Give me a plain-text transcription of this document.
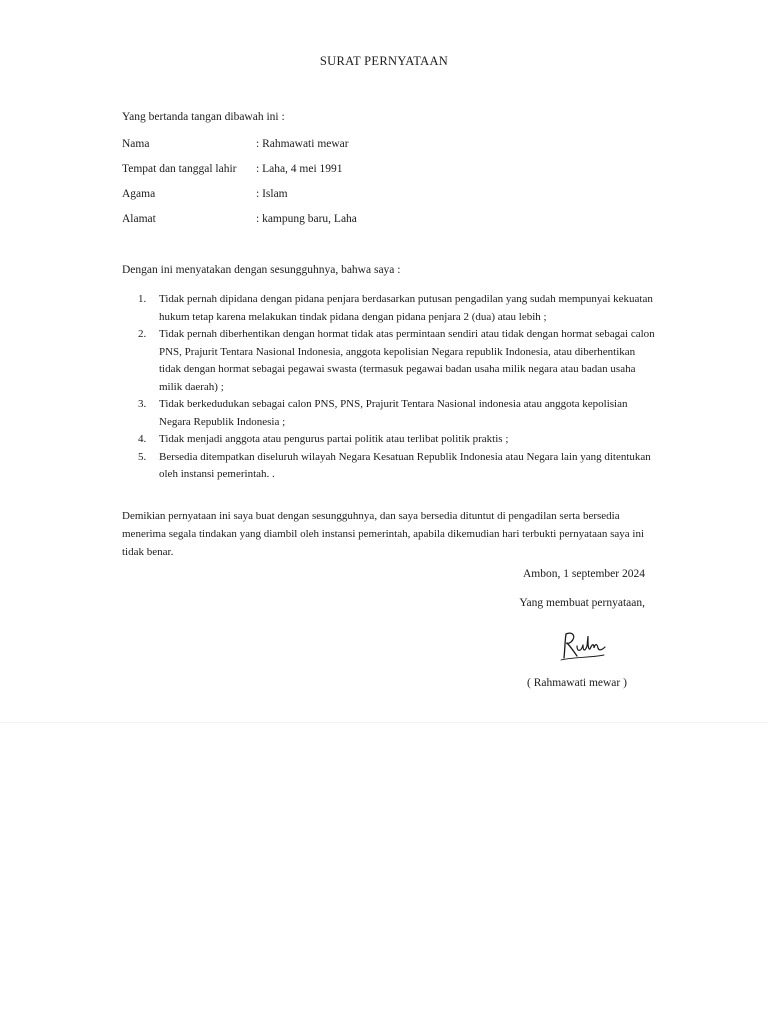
SURAT PERNYATAAN
Yang bertanda tangan dibawah ini :
Nama	: Rahmawati mewar
Tempat dan tanggal lahir : Laha, 4 mei 1991
Agama	: Islam
Alamat	: kampung baru, Laha
Dengan ini menyatakan dengan sesungguhnya, bahwa saya :
1.	Tidak pernah dipidana dengan pidana penjara berdasarkan putusan pengadilan yang sudah mempunyai kekuatan hukum tetap karena melakukan tindak pidana dengan pidana penjara 2 (dua) atau lebih ;
2.	Tidak pernah diberhentikan dengan hormat tidak atas permintaan sendiri atau tidak dengan hormat sebagai calon PNS, Prajurit Tentara Nasional Indonesia, anggota kepolisian Negara republik Indonesia, atau diberhentikan tidak dengan hormat sebagai pegawai swasta (termasuk pegawai badan usaha milik negara atau badan usaha milik daerah) ;
3.	Tidak berkedudukan sebagai calon PNS, PNS, Prajurit Tentara Nasional indonesia atau anggota kepolisian Negara Republik Indonesia ;
4.	Tidak menjadi anggota atau pengurus partai politik atau terlibat politik praktis ;
5.	Bersedia ditempatkan diseluruh wilayah Negara Kesatuan Republik Indonesia atau Negara lain yang ditentukan oleh instansi pemerintah. .
Demikian pernyataan ini saya buat dengan sesungguhnya, dan saya bersedia dituntut di pengadilan serta bersedia menerima segala tindakan yang diambil oleh instansi pemerintah, apabila dikemudian hari terbukti pernyataan saya ini tidak benar.
Ambon, 1 september 2024
Yang membuat pernyataan,
( Rahmawati mewar )
